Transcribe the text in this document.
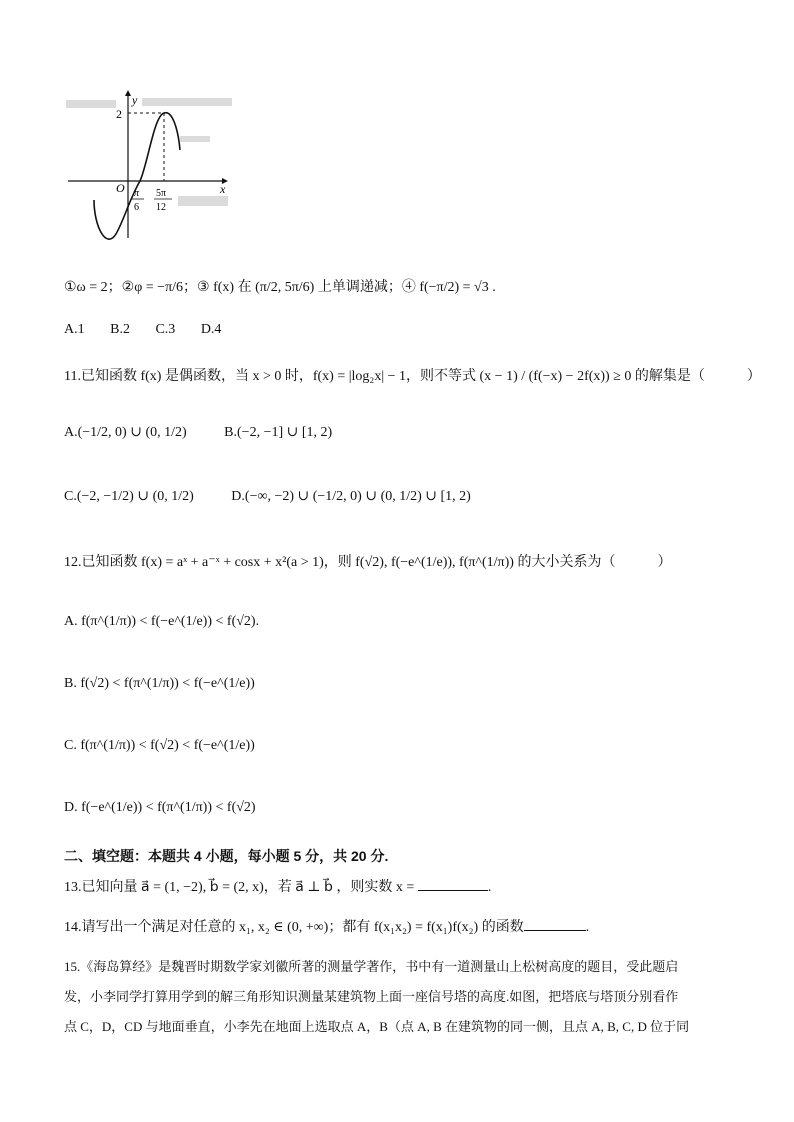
y
2
O	x
π
6
5π
12
①ω = 2；②φ = −π/6；③ f(x) 在 (π/2, 5π/6) 上单调递减；④ f(−π/2) = √3 .
A.1 B.2 C.3 D.4
11.已知函数 f(x) 是偶函数，当 x > 0 时，f(x) = |log₂x| − 1，则不等式 (x − 1) / (f(−x) − 2f(x)) ≥ 0 的解集是（	）
A.(−1/2, 0) ∪ (0, 1/2)	B.(−2, −1] ∪ [1, 2)
C.(−2, −1/2) ∪ (0, 1/2)	D.(−∞, −2) ∪ (−1/2, 0) ∪ (0, 1/2) ∪ [1, 2)
12.已知函数 f(x) = aˣ + a⁻ˣ + cosx + x²(a > 1)，则 f(√2), f(−e^(1/e)), f(π^(1/π)) 的大小关系为（	）
A. f(π^(1/π)) < f(−e^(1/e)) < f(√2).
B. f(√2) < f(π^(1/π)) < f(−e^(1/e))
C. f(π^(1/π)) < f(√2) < f(−e^(1/e))
D. f(−e^(1/e)) < f(π^(1/π)) < f(√2)
二、填空题：本题共 4 小题，每小题 5 分，共 20 分.
13.已知向量 a⃗ = (1, −2), b⃗ = (2, x)，若 a⃗ ⊥ b⃗ ，则实数 x =	.
14.请写出一个满足对任意的 x₁, x₂ ∈ (0, +∞)；都有 f(x₁x₂) = f(x₁)f(x₂) 的函数	.
15.《海岛算经》是魏晋时期数学家刘徽所著的测量学著作，书中有一道测量山上松树高度的题目，受此题启
发，小李同学打算用学到的解三角形知识测量某建筑物上面一座信号塔的高度.如图，把塔底与塔顶分别看作
点 C，D，CD 与地面垂直，小李先在地面上选取点 A，B（点 A, B 在建筑物的同一侧，且点 A, B, C, D 位于同
